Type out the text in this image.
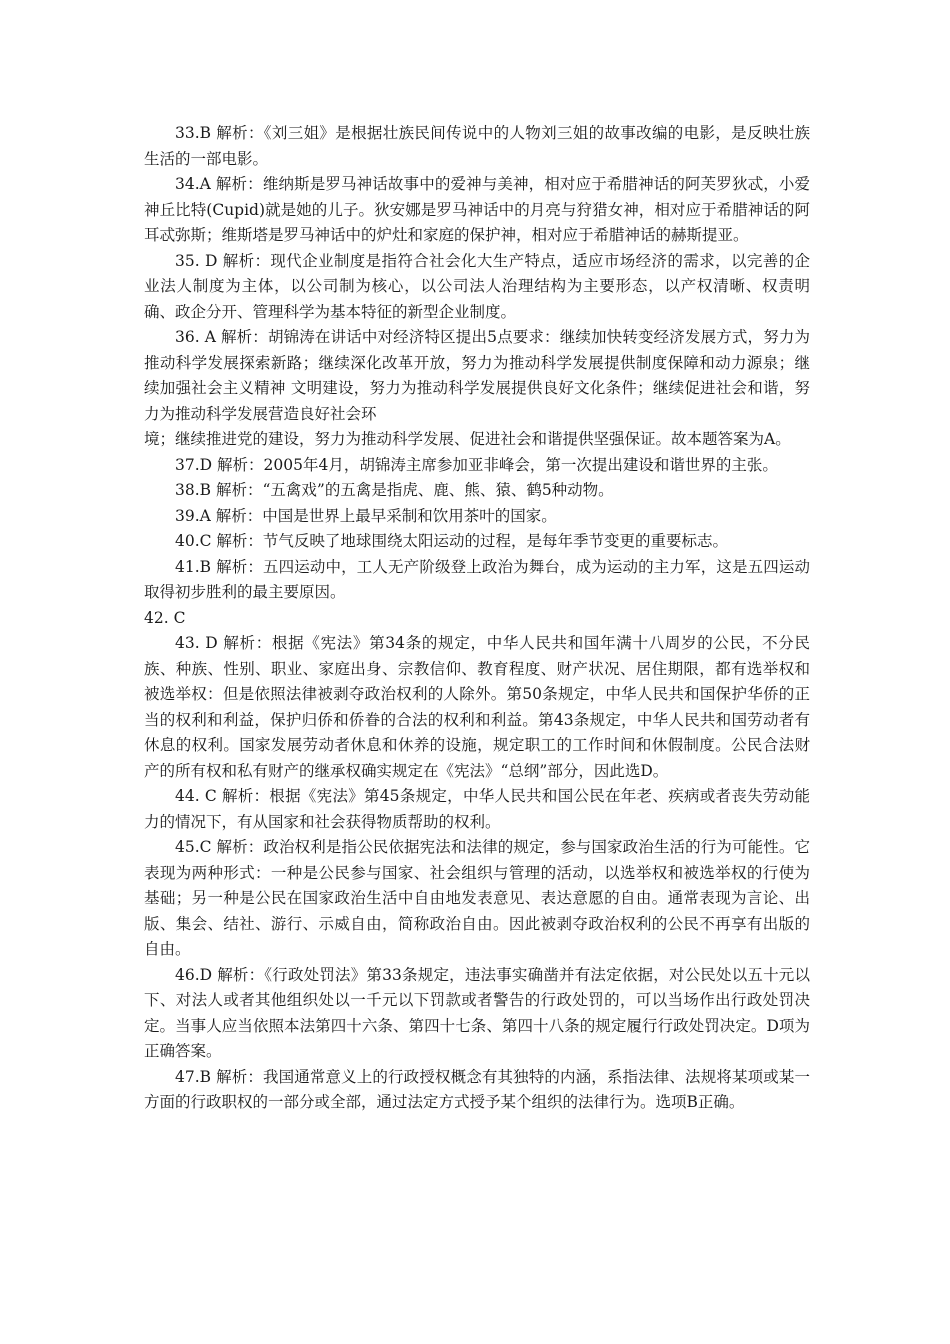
33.B 解析：《刘三姐》是根据壮族民间传说中的人物刘三姐的故事改编的电影，是反映壮族生活的一部电影。

34.A 解析：维纳斯是罗马神话故事中的爱神与美神，相对应于希腊神话的阿芙罗狄忒，小爱神丘比特(Cupid)就是她的儿子。狄安娜是罗马神话中的月亮与狩猎女神，相对应于希腊神话的阿耳忒弥斯；维斯塔是罗马神话中的炉灶和家庭的保护神，相对应于希腊神话的赫斯提亚。

35. D 解析：现代企业制度是指符合社会化大生产特点，适应市场经济的需求，以完善的企业法人制度为主体，以公司制为核心，以公司法人治理结构为主要形态，以产权清晰、权责明确、政企分开、管理科学为基本特征的新型企业制度。

36. A 解析：胡锦涛在讲话中对经济特区提出5点要求：继续加快转变经济发展方式，努力为推动科学发展探索新路；继续深化改革开放，努力为推动科学发展提供制度保障和动力源泉；继续加强社会主义精神 文明建设，努力为推动科学发展提供良好文化条件；继续促进社会和谐，努力为推动科学发展营造良好社会环

境；继续推进党的建设，努力为推动科学发展、促进社会和谐提供坚强保证。故本题答案为A。

37.D 解析：2005年4月，胡锦涛主席参加亚非峰会，第一次提出建设和谐世界的主张。

38.B 解析：“五禽戏”的五禽是指虎、鹿、熊、猿、鹤5种动物。

39.A 解析：中国是世界上最早采制和饮用茶叶的国家。

40.C 解析：节气反映了地球围绕太阳运动的过程，是每年季节变更的重要标志。

41.B 解析：五四运动中，工人无产阶级登上政治为舞台，成为运动的主力军，这是五四运动取得初步胜利的最主要原因。

42. C

43. D 解析：根据《宪法》第34条的规定，中华人民共和国年满十八周岁的公民，不分民族、种族、性别、职业、家庭出身、宗教信仰、教育程度、财产状况、居住期限，都有选举权和被选举权：但是依照法律被剥夺政治权利的人除外。第50条规定，中华人民共和国保护华侨的正当的权利和利益，保护归侨和侨眷的合法的权利和利益。第43条规定，中华人民共和国劳动者有休息的权利。国家发展劳动者休息和休养的设施，规定职工的工作时间和休假制度。公民合法财产的所有权和私有财产的继承权确实规定在《宪法》“总纲”部分，因此选D。

44. C 解析：根据《宪法》第45条规定，中华人民共和国公民在年老、疾病或者丧失劳动能力的情况下，有从国家和社会获得物质帮助的权利。

45.C 解析：政治权利是指公民依据宪法和法律的规定，参与国家政治生活的行为可能性。它表现为两种形式：一种是公民参与国家、社会组织与管理的活动，以选举权和被选举权的行使为基础；另一种是公民在国家政治生活中自由地发表意见、表达意愿的自由。通常表现为言论、出版、集会、结社、游行、示威自由，简称政治自由。因此被剥夺政治权利的公民不再享有出版的自由。

46.D 解析：《行政处罚法》第33条规定，违法事实确凿并有法定依据，对公民处以五十元以下、对法人或者其他组织处以一千元以下罚款或者警告的行政处罚的，可以当场作出行政处罚决定。当事人应当依照本法第四十六条、第四十七条、第四十八条的规定履行行政处罚决定。D项为正确答案。

47.B 解析：我国通常意义上的行政授权概念有其独特的内涵，系指法律、法规将某项或某一方面的行政职权的一部分或全部，通过法定方式授予某个组织的法律行为。选项B正确。
